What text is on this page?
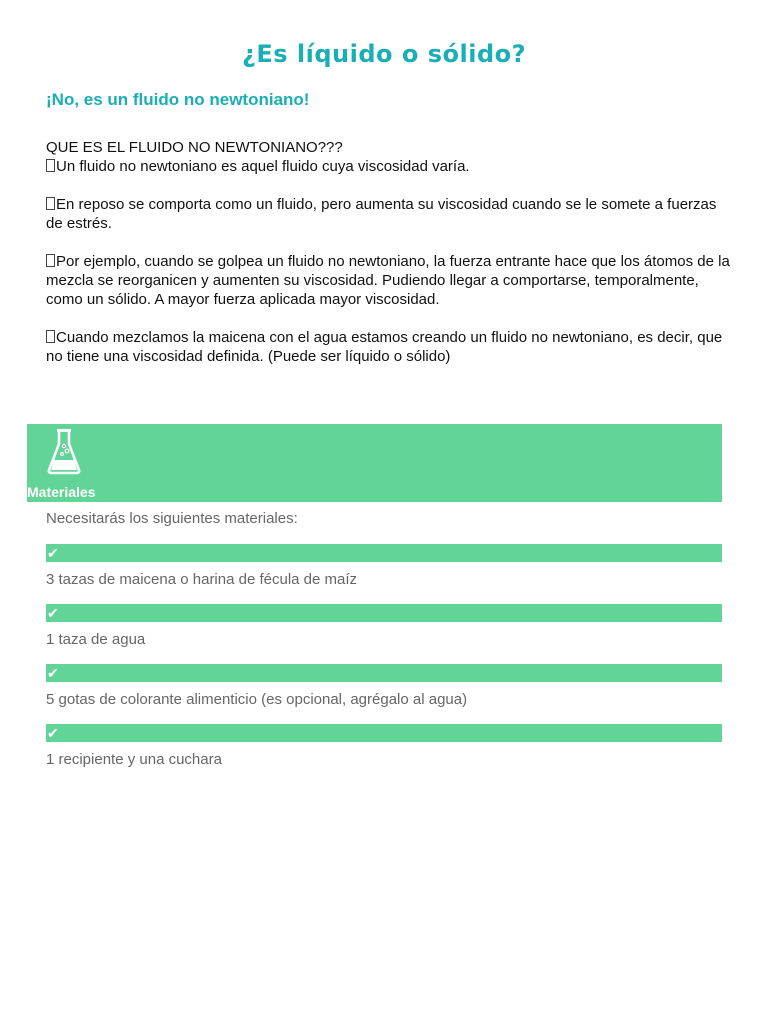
¿Es líquido o sólido?
¡No, es un fluido no newtoniano!

QUE ES EL FLUIDO NO NEWTONIANO???

Un fluido no newtoniano es aquel fluido cuya viscosidad varía.

En reposo se comporta como un fluido, pero aumenta su viscosidad cuando se le somete a fuerzas de estrés.

Por ejemplo, cuando se golpea un fluido no newtoniano, la fuerza entrante hace que los átomos de la mezcla se reorganicen y aumenten su viscosidad. Pudiendo llegar a comportarse, temporalmente, como un sólido. A mayor fuerza aplicada mayor viscosidad.

Cuando mezclamos la maicena con el agua estamos creando un fluido no newtoniano, es decir, que no tiene una viscosidad definida. (Puede ser líquido o sólido)

Materiales

Necesitarás los siguientes materiales:

✔

3 tazas de maicena o harina de fécula de maíz

✔

1 taza de agua

✔

5 gotas de colorante alimenticio (es opcional, agrégalo al agua)

✔

1 recipiente y una cuchara
